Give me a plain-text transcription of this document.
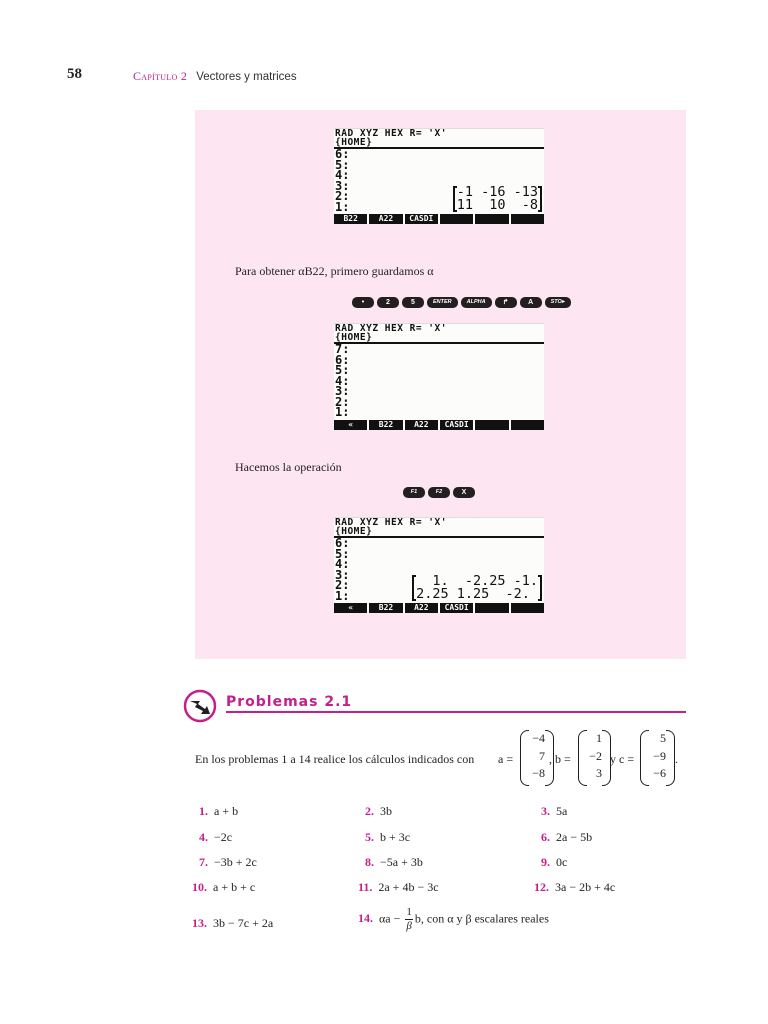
58	Capítulo 2 Vectores y matrices
RAD XYZ HEX R= 'X'
{HOME}
6:
5:
4:
3:
2:
1:
-1 -16 -13
11  10  -8
B22	A22	CASDI
Para obtener αB22, primero guardamos α
•	2	5	ENTER	ALPHA	↱	A	STO▸
RAD XYZ HEX R= 'X'
{HOME}
7:
6:
5:
4:
3:
2:
1:
«	B22	A22	CASDI
Hacemos la operación
F1	F2	X
RAD XYZ HEX R= 'X'
{HOME}
6:
5:
4:
3:
2:
1:
1.  -2.25 -1.
2.25 1.25  -2.
«	B22	A22	CASDI
Problemas 2.1
En los problemas 1 a 14 realice los cálculos indicados con a =
−4
7
−8
, b =
1
−2
3
y c =
5
−9
−6
.
1. a + b	2. 3b	3. 5a
4. −2c	5. b + 3c	6. 2a − 5b
7. −3b + 2c	8. −5a + 3b	9. 0c
10. a + b + c	11. 2a + 4b − 3c	12. 3a − 2b + 4c
13. 3b − 7c + 2a	14. $\alpha a - \frac{1}{\beta} b$, con α y β escalares reales
